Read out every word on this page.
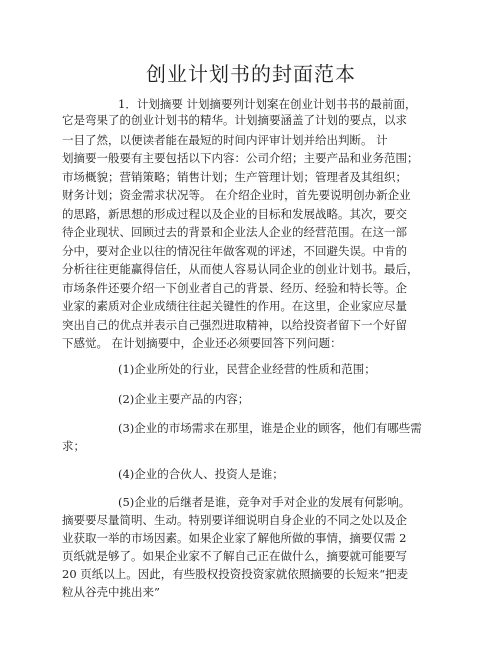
创业计划书的封面范本
1．计划摘要 计划摘要列计划案在创业计划书书的最前面，
它是弯果了的创业计划书的精华。计划摘要涵盖了计划的要点，以求
一目了然，以便读者能在最短的时间内评审计划并给出判断。 计
划摘要一般要有主要包括以下内容：公司介绍；主要产品和业务范围；
市场概貌；营销策略；销售计划；生产管理计划；管理者及其组织；
财务计划；资金需求状况等。 在介绍企业时，首先要说明创办新企业
的思路，新思想的形成过程以及企业的目标和发展战略。其次，要交
待企业现状、回顾过去的背景和企业法人企业的经营范围。在这一部
分中，要对企业以往的情况往年做客观的评述，不回避失误。中肯的
分析往往更能赢得信任，从而使人容易认同企业的创业计划书。最后，
市场条件还要介绍一下创业者自己的背景、经历、经验和特长等。企
业家的素质对企业成绩往往起关键性的作用。在这里，企业家应尽量
突出自己的优点并表示自己强烈进取精神，以给投资者留下一个好留
下感觉。 在计划摘要中，企业还必须要回答下列问题：
(1)企业所处的行业，民营企业经营的性质和范围；
(2)企业主要产品的内容；
(3)企业的市场需求在那里，谁是企业的顾客，他们有哪些需
求；
(4)企业的合伙人、投资人是谁；
(5)企业的后继者是谁，竞争对手对企业的发展有何影响。
摘要要尽量简明、生动。特别要详细说明自身企业的不同之处以及企
业获取一举的市场因素。如果企业家了解他所做的事情，摘要仅需 2
页纸就是够了。如果企业家不了解自己正在做什么，摘要就可能要写
20 页纸以上。因此，有些股权投资投资家就依照摘要的长短来“把麦
粒从谷壳中挑出来”
